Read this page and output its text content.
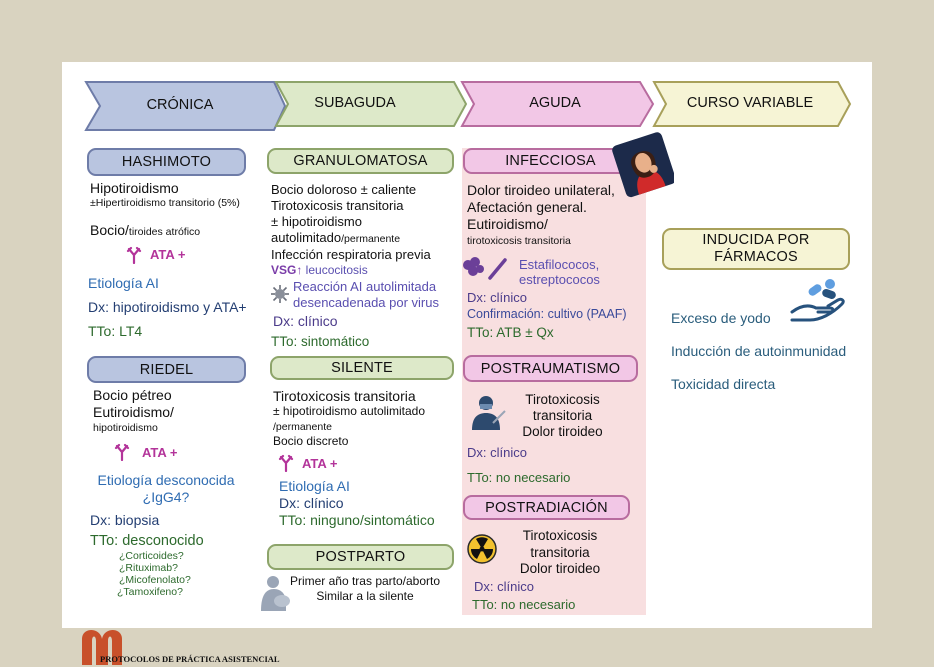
CRÓNICA	SUBAGUDA	AGUDA	CURSO VARIABLE
HASHIMOTO
Hipotiroidismo
±Hipertiroidismo transitorio (5%)
Bocio/tiroides atrófico
ATA +
Etiología AI
Dx: hipotiroidismo y ATA+
TTo: LT4
RIEDEL
Bocio pétreo
Eutiroidismo/
hipotiroidismo
ATA +
Etiología desconocida
¿IgG4?
Dx: biopsia
TTo: desconocido
¿Corticoides?
¿Rituximab?
¿Micofenolato?
¿Tamoxifeno?
GRANULOMATOSA
Bocio doloroso ± caliente
Tirotoxicosis transitoria
± hipotiroidismo
autolimitado/permanente
Infección respiratoria previa
VSG↑ leucocitosis
Reacción AI autolimitada
desencadenada por virus
Dx: clínico
TTo: sintomático
SILENTE
Tirotoxicosis transitoria
± hipotiroidismo autolimitado
/permanente
Bocio discreto
ATA +
Etiología AI
Dx: clínico
TTo: ninguno/sintomático
POSTPARTO
Primer año tras parto/aborto
Similar a la silente
INFECCIOSA
Dolor tiroideo unilateral,
Afectación general.
Eutiroidismo/
tirotoxicosis transitoria
Estafilococos,
estreptococos
Dx: clínico
Confirmación: cultivo (PAAF)
TTo: ATB ± Qx
POSTRAUMATISMO
Tirotoxicosis
transitoria
Dolor tiroideo
Dx: clínico
TTo: no necesario
POSTRADIACIÓN
Tirotoxicosis
transitoria
Dolor tiroideo
Dx: clínico
TTo: no necesario
INDUCIDA POR
FÁRMACOS
Exceso de yodo
Inducción de autoinmunidad
Toxicidad directa
PROTOCOLOS DE PRÁCTICA ASISTENCIAL
